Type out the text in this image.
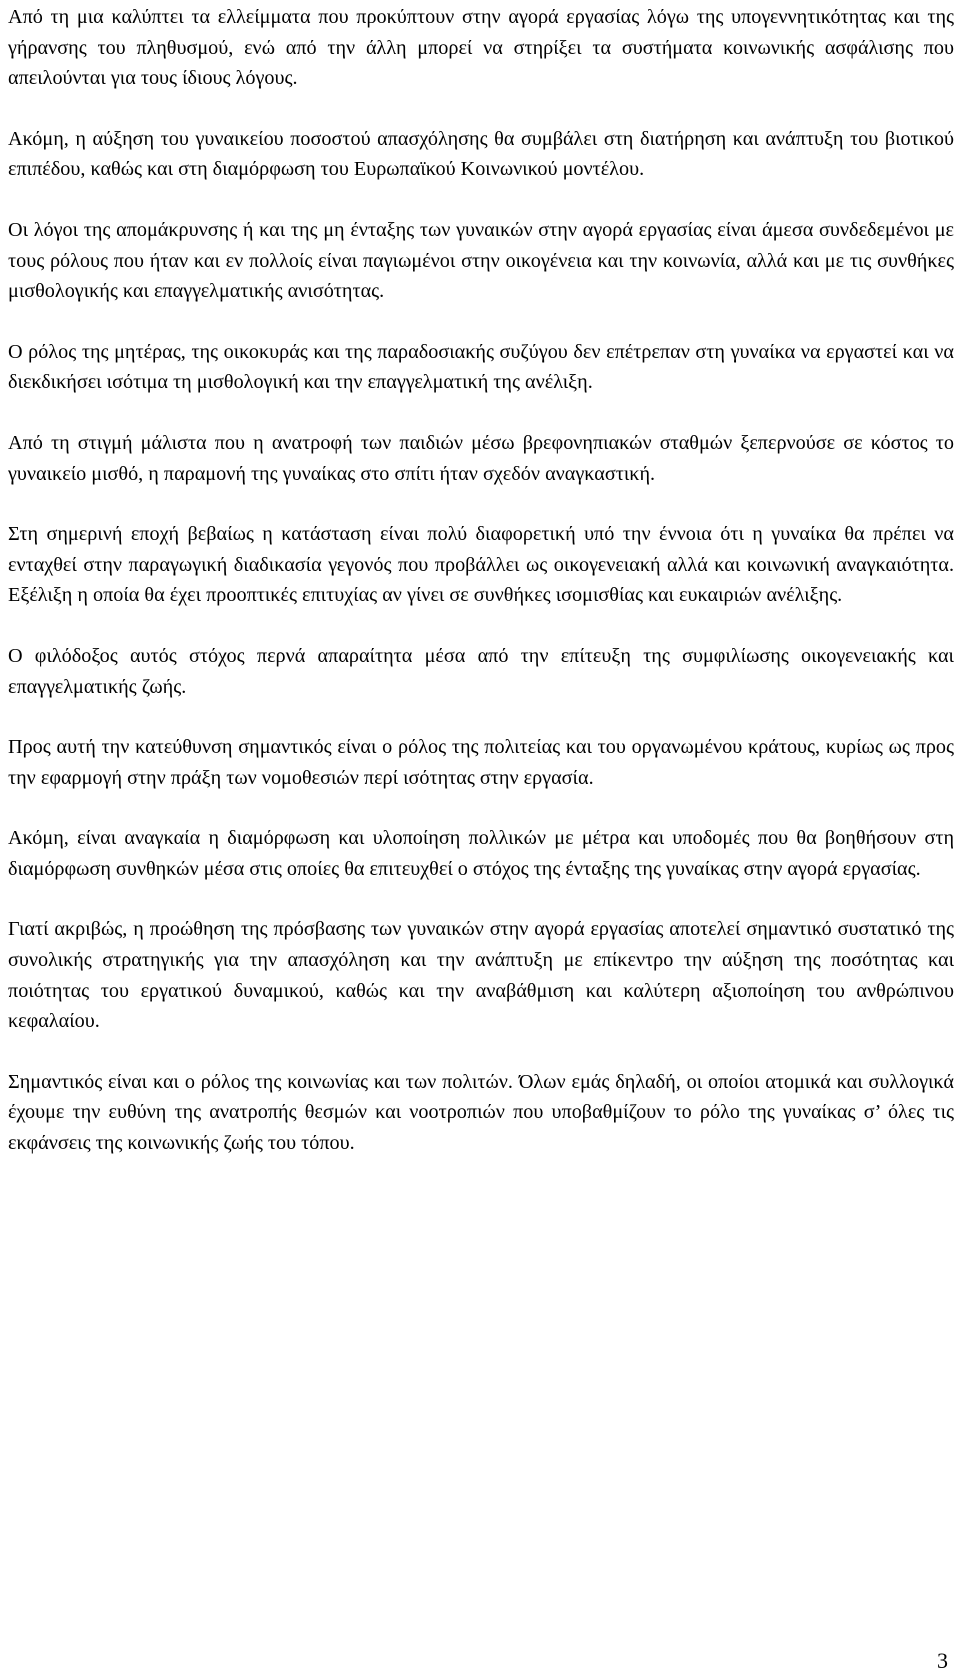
Από τη μια καλύπτει τα ελλείμματα που προκύπτουν στην αγορά εργασίας λόγω της υπογεννητικότητας και της γήρανσης του πληθυσμού, ενώ από την άλλη μπορεί να στηρίξει τα συστήματα κοινωνικής ασφάλισης που απειλούνται για τους ίδιους λόγους.

Ακόμη, η αύξηση του γυναικείου ποσοστού απασχόλησης θα συμβάλει στη διατήρηση και ανάπτυξη του βιοτικού επιπέδου, καθώς και στη διαμόρφωση του Ευρωπαϊκού Κοινωνικού μοντέλου.

Οι λόγοι της απομάκρυνσης ή και της μη ένταξης των γυναικών στην αγορά εργασίας είναι άμεσα συνδεδεμένοι με τους ρόλους που ήταν και εν πολλοίς είναι παγιωμένοι στην οικογένεια και την κοινωνία, αλλά και με τις συνθήκες μισθολογικής και επαγγελματικής ανισότητας.

Ο ρόλος της μητέρας, της οικοκυράς και της παραδοσιακής συζύγου δεν επέτρεπαν στη γυναίκα να εργαστεί και να διεκδικήσει ισότιμα τη μισθολογική και την επαγγελματική της ανέλιξη.

Από τη στιγμή μάλιστα που η ανατροφή των παιδιών μέσω βρεφονηπιακών σταθμών ξεπερνούσε σε κόστος το γυναικείο μισθό, η παραμονή της γυναίκας στο σπίτι ήταν σχεδόν αναγκαστική.

Στη σημερινή εποχή βεβαίως η κατάσταση είναι πολύ διαφορετική υπό την έννοια ότι η γυναίκα θα πρέπει να ενταχθεί στην παραγωγική διαδικασία γεγονός που προβάλλει ως οικογενειακή αλλά και κοινωνική αναγκαιότητα. Εξέλιξη η οποία θα έχει προοπτικές επιτυχίας αν γίνει σε συνθήκες ισομισθίας και ευκαιριών ανέλιξης.

Ο φιλόδοξος αυτός στόχος περνά απαραίτητα μέσα από την επίτευξη της συμφιλίωσης οικογενειακής και επαγγελματικής ζωής.

Προς αυτή την κατεύθυνση σημαντικός είναι ο ρόλος της πολιτείας και του οργανωμένου κράτους, κυρίως ως προς την εφαρμογή στην πράξη των νομοθεσιών περί ισότητας στην εργασία.

Ακόμη, είναι αναγκαία η διαμόρφωση και υλοποίηση πολλικών με μέτρα και υποδομές που θα βοηθήσουν στη διαμόρφωση συνθηκών μέσα στις οποίες θα επιτευχθεί ο στόχος της ένταξης της γυναίκας στην αγορά εργασίας.

Γιατί ακριβώς, η προώθηση της πρόσβασης των γυναικών στην αγορά εργασίας αποτελεί σημαντικό συστατικό της συνολικής στρατηγικής για την απασχόληση και την ανάπτυξη με επίκεντρο την αύξηση της ποσότητας και ποιότητας του εργατικού δυναμικού, καθώς και την αναβάθμιση και καλύτερη αξιοποίηση του ανθρώπινου κεφαλαίου.

Σημαντικός είναι και ο ρόλος της κοινωνίας και των πολιτών. Όλων εμάς δηλαδή, οι οποίοι ατομικά και συλλογικά έχουμε την ευθύνη της ανατροπής θεσμών και νοοτροπιών που υποβαθμίζουν το ρόλο της γυναίκας σ’ όλες τις εκφάνσεις της κοινωνικής ζωής του τόπου.

3
